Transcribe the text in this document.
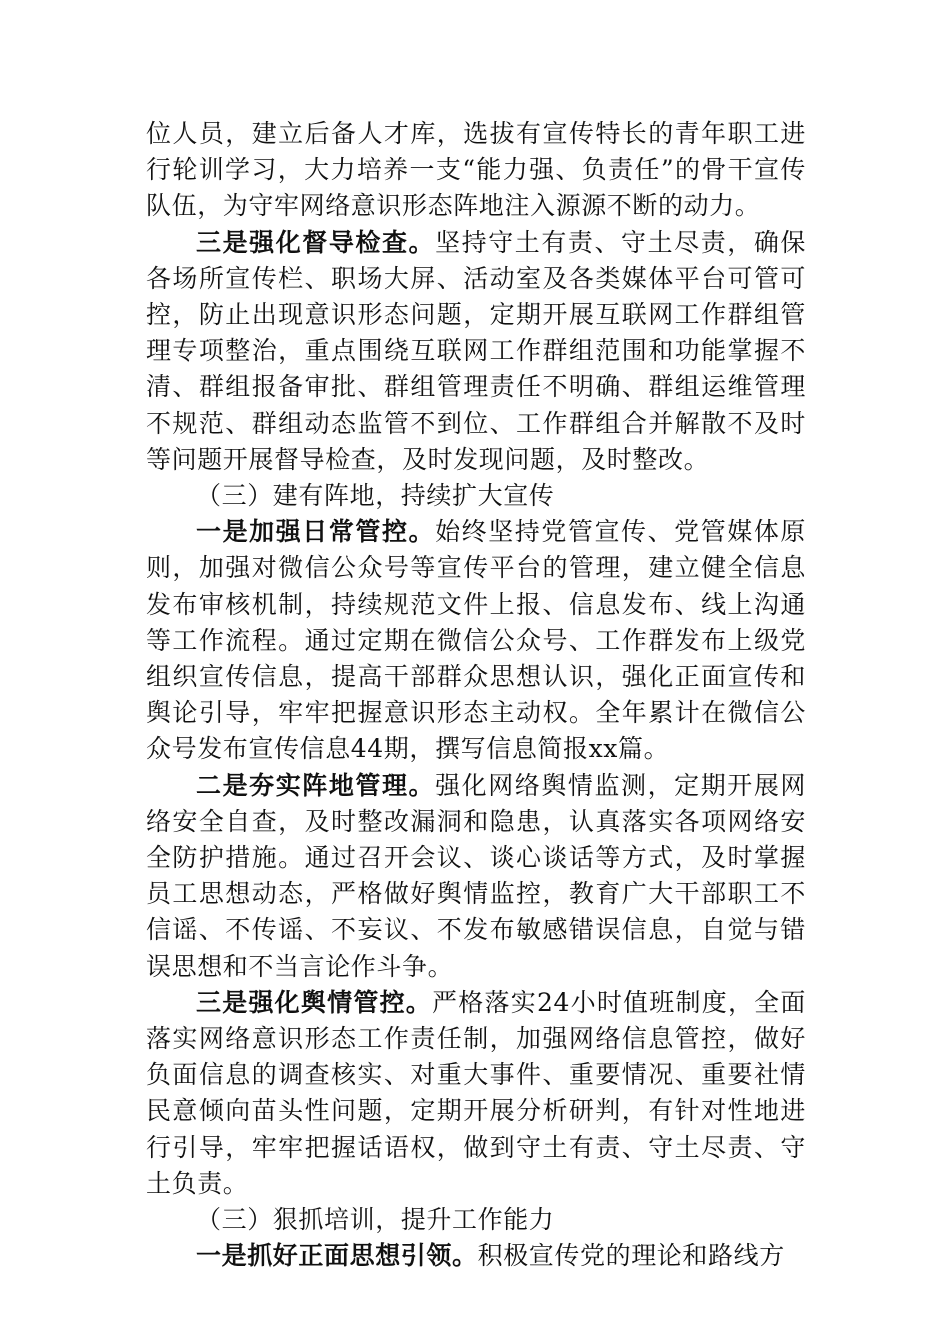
位人员，建立后备人才库，选拔有宣传特长的青年职工进行轮训学习，大力培养一支“能力强、负责任”的骨干宣传队伍，为守牢网络意识形态阵地注入源源不断的动力。

三是强化督导检查。坚持守土有责、守土尽责，确保各场所宣传栏、职场大屏、活动室及各类媒体平台可管可控，防止出现意识形态问题，定期开展互联网工作群组管理专项整治，重点围绕互联网工作群组范围和功能掌握不清、群组报备审批、群组管理责任不明确、群组运维管理不规范、群组动态监管不到位、工作群组合并解散不及时等问题开展督导检查，及时发现问题，及时整改。

（三）建有阵地，持续扩大宣传

一是加强日常管控。始终坚持党管宣传、党管媒体原则，加强对微信公众号等宣传平台的管理，建立健全信息发布审核机制，持续规范文件上报、信息发布、线上沟通等工作流程。通过定期在微信公众号、工作群发布上级党组织宣传信息，提高干部群众思想认识，强化正面宣传和舆论引导，牢牢把握意识形态主动权。全年累计在微信公众号发布宣传信息44期，撰写信息简报xx篇。

二是夯实阵地管理。强化网络舆情监测，定期开展网络安全自查，及时整改漏洞和隐患，认真落实各项网络安全防护措施。通过召开会议、谈心谈话等方式，及时掌握员工思想动态，严格做好舆情监控，教育广大干部职工不信谣、不传谣、不妄议、不发布敏感错误信息，自觉与错误思想和不当言论作斗争。

三是强化舆情管控。严格落实24小时值班制度，全面落实网络意识形态工作责任制，加强网络信息管控，做好负面信息的调查核实、对重大事件、重要情况、重要社情民意倾向苗头性问题，定期开展分析研判，有针对性地进行引导，牢牢把握话语权，做到守土有责、守土尽责、守土负责。

（三）狠抓培训，提升工作能力

一是抓好正面思想引领。积极宣传党的理论和路线方
